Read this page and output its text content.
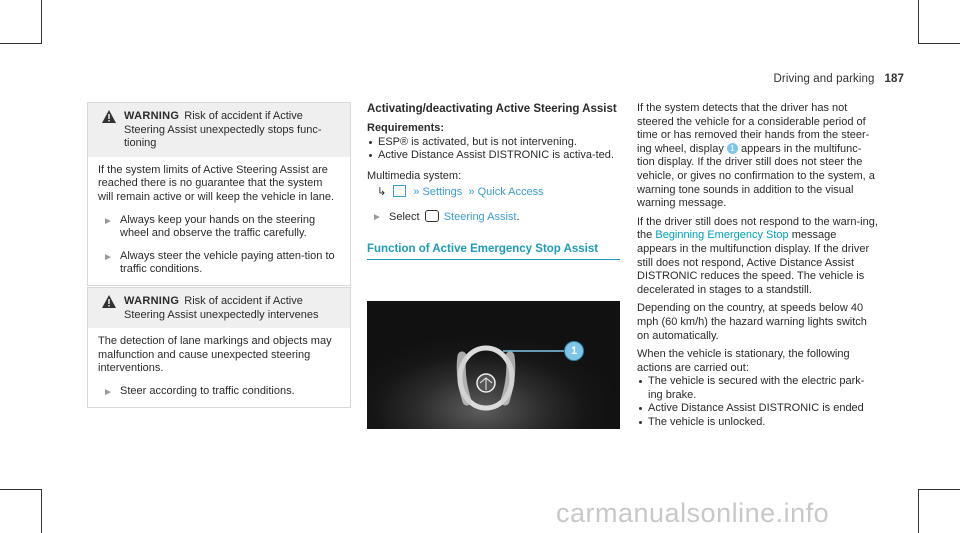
Driving and parking 187
WARNING Risk of accident if Active Steering Assist unexpectedly stops func-tioning

If the system limits of Active Steering Assist are reached there is no guarantee that the system will remain active or will keep the vehicle in lane.

► Always keep your hands on the steering wheel and observe the traffic carefully.
► Always steer the vehicle paying atten-tion to traffic conditions.
WARNING Risk of accident if Active Steering Assist unexpectedly intervenes

The detection of lane markings and objects may malfunction and cause unexpected steering interventions.

► Steer according to traffic conditions.
Activating/deactivating Active Steering Assist

Requirements:

ESP® is activated, but is not intervening.
Active Distance Assist DISTRONIC is activa-ted.

Multimedia system:

↳ » Settings  » Quick Access
► Select Steering Assist.
Function of Active Emergency Stop Assist
1

If the system detects that the driver has not steered the vehicle for a considerable period of time or has removed their hands from the steer-ing wheel, display 1 appears in the multifunc-tion display. If the driver still does not steer the vehicle, or gives no confirmation to the system, a warning tone sounds in addition to the visual warning message.

If the driver still does not respond to the warn-ing, the Beginning Emergency Stop message appears in the multifunction display. If the driver still does not respond, Active Distance Assist DISTRONIC reduces the speed. The vehicle is decelerated in stages to a standstill.

Depending on the country, at speeds below 40 mph (60 km/h) the hazard warning lights switch on automatically.

When the vehicle is stationary, the following actions are carried out:

The vehicle is secured with the electric park-ing brake.
Active Distance Assist DISTRONIC is ended
The vehicle is unlocked.
carmanualsonline.info
